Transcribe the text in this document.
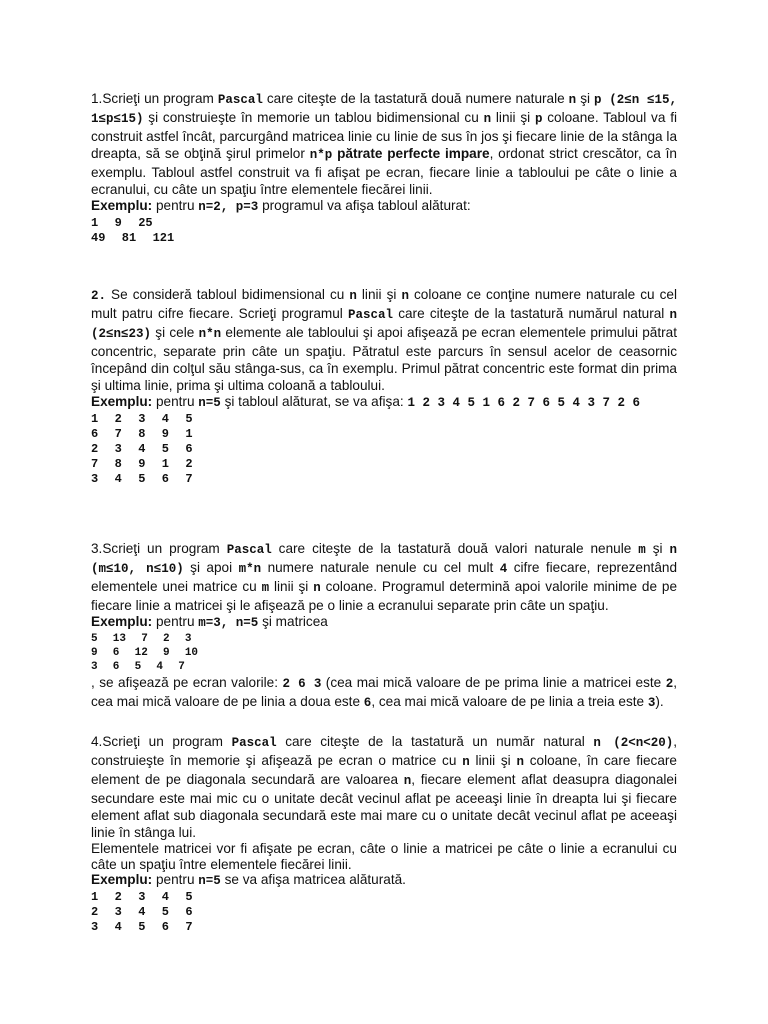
1.Scrieţi un program Pascal care citeşte de la tastatură două numere naturale n şi p (2≤n ≤15, 1≤p≤15) şi construieşte în memorie un tablou bidimensional cu n linii şi p coloane. Tabloul va fi construit astfel încât, parcurgând matricea linie cu linie de sus în jos şi fiecare linie de la stânga la dreapta, să se obţină şirul primelor n*p pătrate perfecte impare, ordonat strict crescător, ca în exemplu. Tabloul astfel construit va fi afişat pe ecran, fiecare linie a tabloului pe câte o linie a ecranului, cu câte un spaţiu între elementele fiecărei linii.

Exemplu: pentru n=2, p=3 programul va afişa tabloul alăturat:

1  9  25
49  81  121

2. Se consideră tabloul bidimensional cu n linii şi n coloane ce conţine numere naturale cu cel mult patru cifre fiecare. Scrieţi programul Pascal care citeşte de la tastatură numărul natural n (2≤n≤23) şi cele n*n elemente ale tabloului şi apoi afişează pe ecran elementele primului pătrat concentric, separate prin câte un spaţiu. Pătratul este parcurs în sensul acelor de ceasornic începând din colţul său stânga-sus, ca în exemplu. Primul pătrat concentric este format din prima şi ultima linie, prima şi ultima coloană a tabloului.

Exemplu: pentru n=5 şi tabloul alăturat, se va afişa: 1 2 3 4 5 1 6 2 7 6 5 4 3 7 2 6

1  2  3  4  5
6  7  8  9  1
2  3  4  5  6
7  8  9  1  2
3  4  5  6  7

3.Scrieţi un program Pascal care citeşte de la tastatură două valori naturale nenule m şi n (m≤10, n≤10) şi apoi m*n numere naturale nenule cu cel mult 4 cifre fiecare, reprezentând elementele unei matrice cu m linii şi n coloane. Programul determină apoi valorile minime de pe fiecare linie a matricei şi le afişează pe o linie a ecranului separate prin câte un spaţiu.

Exemplu: pentru m=3, n=5 şi matricea

5  13  7  2  3
9  6  12  9  10
3  6  5  4  7

, se afişează pe ecran valorile: 2 6 3 (cea mai mică valoare de pe prima linie a matricei este 2, cea mai mică valoare de pe linia a doua este 6, cea mai mică valoare de pe linia a treia este 3).

4.Scrieţi un program Pascal care citeşte de la tastatură un număr natural n (2<n<20), construieşte în memorie şi afişează pe ecran o matrice cu n linii şi n coloane, în care fiecare element de pe diagonala secundară are valoarea n, fiecare element aflat deasupra diagonalei secundare este mai mic cu o unitate decât vecinul aflat pe aceeaşi linie în dreapta lui şi fiecare element aflat sub diagonala secundară este mai mare cu o unitate decât vecinul aflat pe aceeaşi linie în stânga lui.

Elementele matricei vor fi afişate pe ecran, câte o linie a matricei pe câte o linie a ecranului cu câte un spaţiu între elementele fiecărei linii.

Exemplu: pentru n=5 se va afişa matricea alăturată.

1  2  3  4  5
2  3  4  5  6
3  4  5  6  7
